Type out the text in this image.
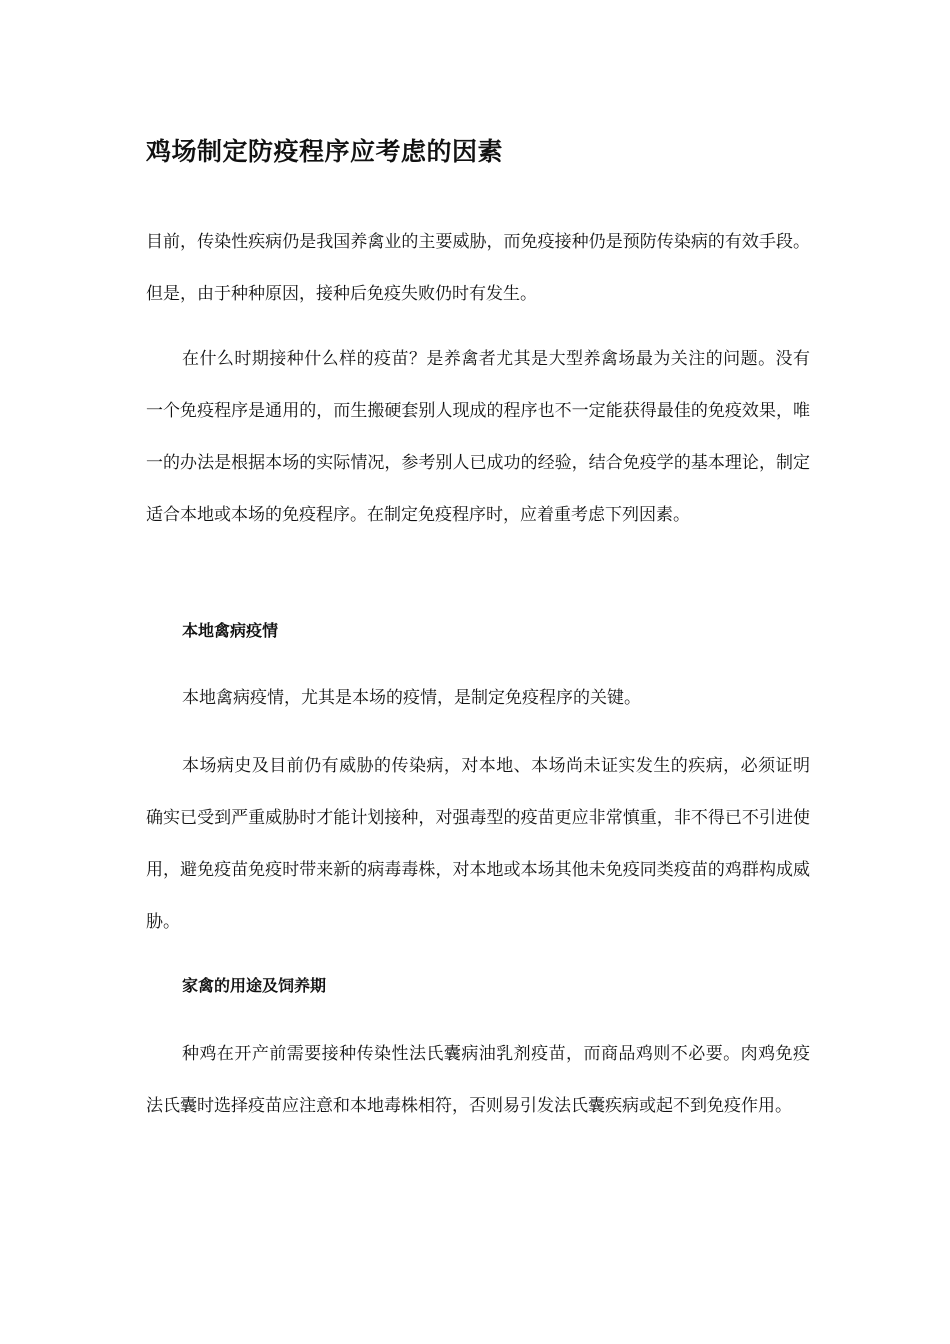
鸡场制定防疫程序应考虑的因素

目前，传染性疾病仍是我国养禽业的主要威胁，而免疫接种仍是预防传染病的有效手段。但是，由于种种原因，接种后免疫失败仍时有发生。

在什么时期接种什么样的疫苗？是养禽者尤其是大型养禽场最为关注的问题。没有一个免疫程序是通用的，而生搬硬套别人现成的程序也不一定能获得最佳的免疫效果，唯一的办法是根据本场的实际情况，参考别人已成功的经验，结合免疫学的基本理论，制定适合本地或本场的免疫程序。在制定免疫程序时，应着重考虑下列因素。

本地禽病疫情

本地禽病疫情，尤其是本场的疫情，是制定免疫程序的关键。

本场病史及目前仍有威胁的传染病，对本地、本场尚未证实发生的疾病，必须证明确实已受到严重威胁时才能计划接种，对强毒型的疫苗更应非常慎重，非不得已不引进使用，避免疫苗免疫时带来新的病毒毒株，对本地或本场其他未免疫同类疫苗的鸡群构成威胁。

家禽的用途及饲养期

种鸡在开产前需要接种传染性法氏囊病油乳剂疫苗，而商品鸡则不必要。肉鸡免疫法氏囊时选择疫苗应注意和本地毒株相符，否则易引发法氏囊疾病或起不到免疫作用。
